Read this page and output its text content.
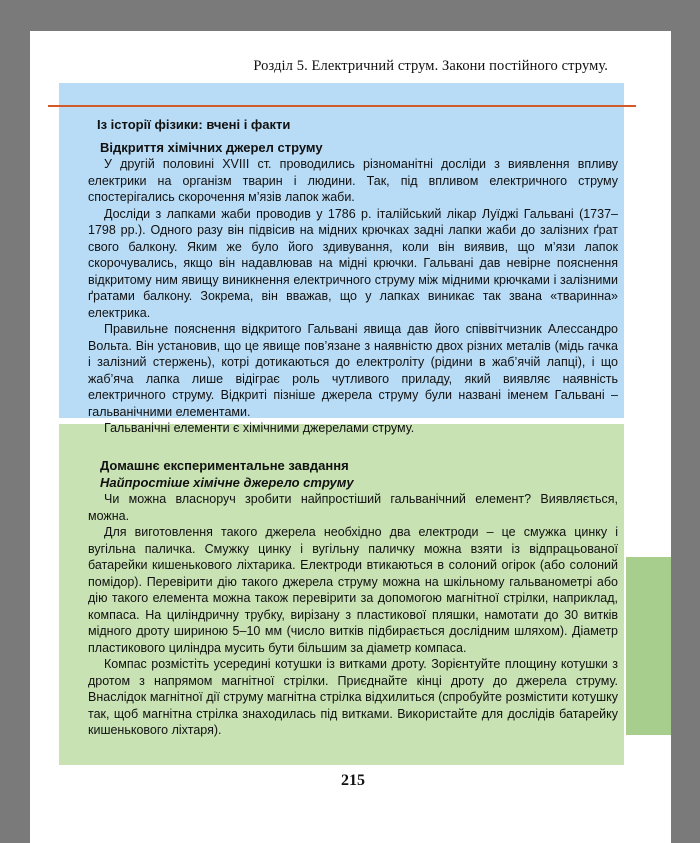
Розділ 5. Електричний струм. Закони постійного струму.
Із історії фізики: вчені і факти
Відкриття хімічних джерел струму

У другій половині XVIII ст. проводились різноманітні досліди з виявлення впливу електрики на організм тварин і людини. Так, під впливом електричного струму спостерігались скорочення м’язів лапок жаби.

Досліди з лапками жаби проводив у 1786 р. італійський лікар Луїджі Гальвані (1737–1798 рр.). Одного разу він підвісив на мідних крючках задні лапки жаби до залізних ґрат свого балкону. Яким же було його здивування, коли він виявив, що м’язи лапок скорочувались, якщо він надавлював на мідні крючки. Гальвані дав невірне пояснення відкритому ним явищу виникнення електричного струму між мідними крючками і залізними ґратами балкону. Зокрема, він вважав, що у лапках виникає так звана «тваринна» електрика.

Правильне пояснення відкритого Гальвані явища дав його співвітчизник Алессандро Вольта. Він установив, що це явище пов’язане з наявністю двох різних металів (мідь гачка і залізний стержень), котрі дотикаються до електроліту (рідини в жаб’ячій лапці), і що жаб’яча лапка лише відіграє роль чутливого приладу, який виявляє наявність електричного струму. Відкриті пізніше джерела струму були названі іменем Гальвані – гальванічними елементами.

Гальванічні елементи є хімічними джерелами струму.

Домашнє експериментальне завдання
Найпростіше хімічне джерело струму

Чи можна власноруч зробити найпростіший гальванічний елемент? Виявляється, можна.

Для виготовлення такого джерела необхідно два електроди – це смужка цинку і вугільна паличка. Смужку цинку і вугільну паличку можна взяти із відпрацьованої батарейки кишенькового ліхтарика. Електроди втикаються в солоний огірок (або солоний помідор). Перевірити дію такого джерела струму можна на шкільному гальванометрі або дію такого елемента можна також перевірити за допомогою магнітної стрілки, наприклад, компаса. На циліндричну трубку, вирізану з пластикової пляшки, намотати до 30 витків мідного дроту шириною 5–10 мм (число витків підбирається дослідним шляхом). Діаметр пластикового циліндра мусить бути більшим за діаметр компаса.

Компас розмістіть усередині котушки із витками дроту. Зорієнтуйте площину котушки з дротом з напрямом магнітної стрілки. Приєднайте кінці дроту до джерела струму. Внаслідок магнітної дії струму магнітна стрілка відхилиться (спробуйте розмістити котушку так, щоб магнітна стрілка знаходилась під витками. Використайте для дослідів батарейку кишенькового ліхтаря).

215
